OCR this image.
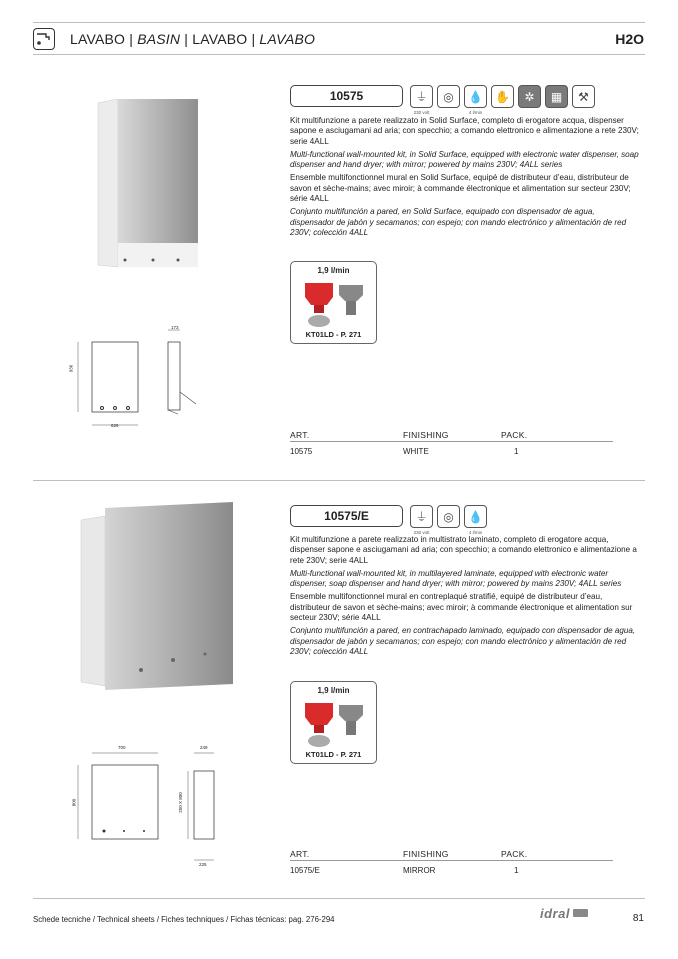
LAVABO | BASIN | LAVABO | LAVABO	H2O
936
626
173
10575	⏚
230 volt
◎	💧
4 l/min
✋	✲	▦	⚒

Kit multifunzione a parete realizzato in Solid Surface, completo di erogatore acqua, dispenser sapone e asciugamani ad aria; con specchio; a comando elettronico e alimentazione a rete 230V; serie 4ALL

Multi-functional wall-mounted kit, in Solid Surface, equipped with electronic water dispenser, soap dispenser and hand dryer; with mirror; powered by mains 230V; 4ALL series

Ensemble multifonctionnel mural en Solid Surface, equipé de distributeur d’eau, distributeur de savon et sèche-mains; avec miroir; à commande électronique et alimentation sur secteur 230V; série 4ALL

Conjunto multifunción a pared, en Solid Surface, equipado con dispensador de agua, dispensador de jabón y secamanos; con espejo; con mando electrónico y alimentación de red 230V; colección 4ALL

1,9 l/min
KT01LD - P. 271
ART.	FINISHING	PACK.
10575	WHITE	1
700
800
249
250 X 800
225
10575/E	⏚
230 volt
◎	💧
4 l/min

Kit multifunzione a parete realizzato in multistrato laminato, completo di erogatore acqua, dispenser sapone e asciugamani ad aria; con specchio; a comando elettronico e alimentazione a rete 230V; serie 4ALL

Multi-functional wall-mounted kit, in multilayered laminate, equipped with electronic water dispenser, soap dispenser and hand dryer; with mirror; powered by mains 230V; 4ALL series

Ensemble multifonctionnel mural en contreplaqué stratifié, equipé de distributeur d’eau, distributeur de savon et sèche-mains; avec miroir; à commande électronique et alimentation sur secteur 230V; série 4ALL

Conjunto multifunción a pared, en contrachapado laminado, equipado con dispensador de agua, dispensador de jabón y secamanos; con espejo; con mando electrónico y alimentación de red 230V; colección 4ALL

1,9 l/min
KT01LD - P. 271
ART.	FINISHING	PACK.
10575/E	MIRROR	1
Schede tecniche / Technical sheets / Fiches techniques / Fichas técnicas: pag. 276-294	idral	81
